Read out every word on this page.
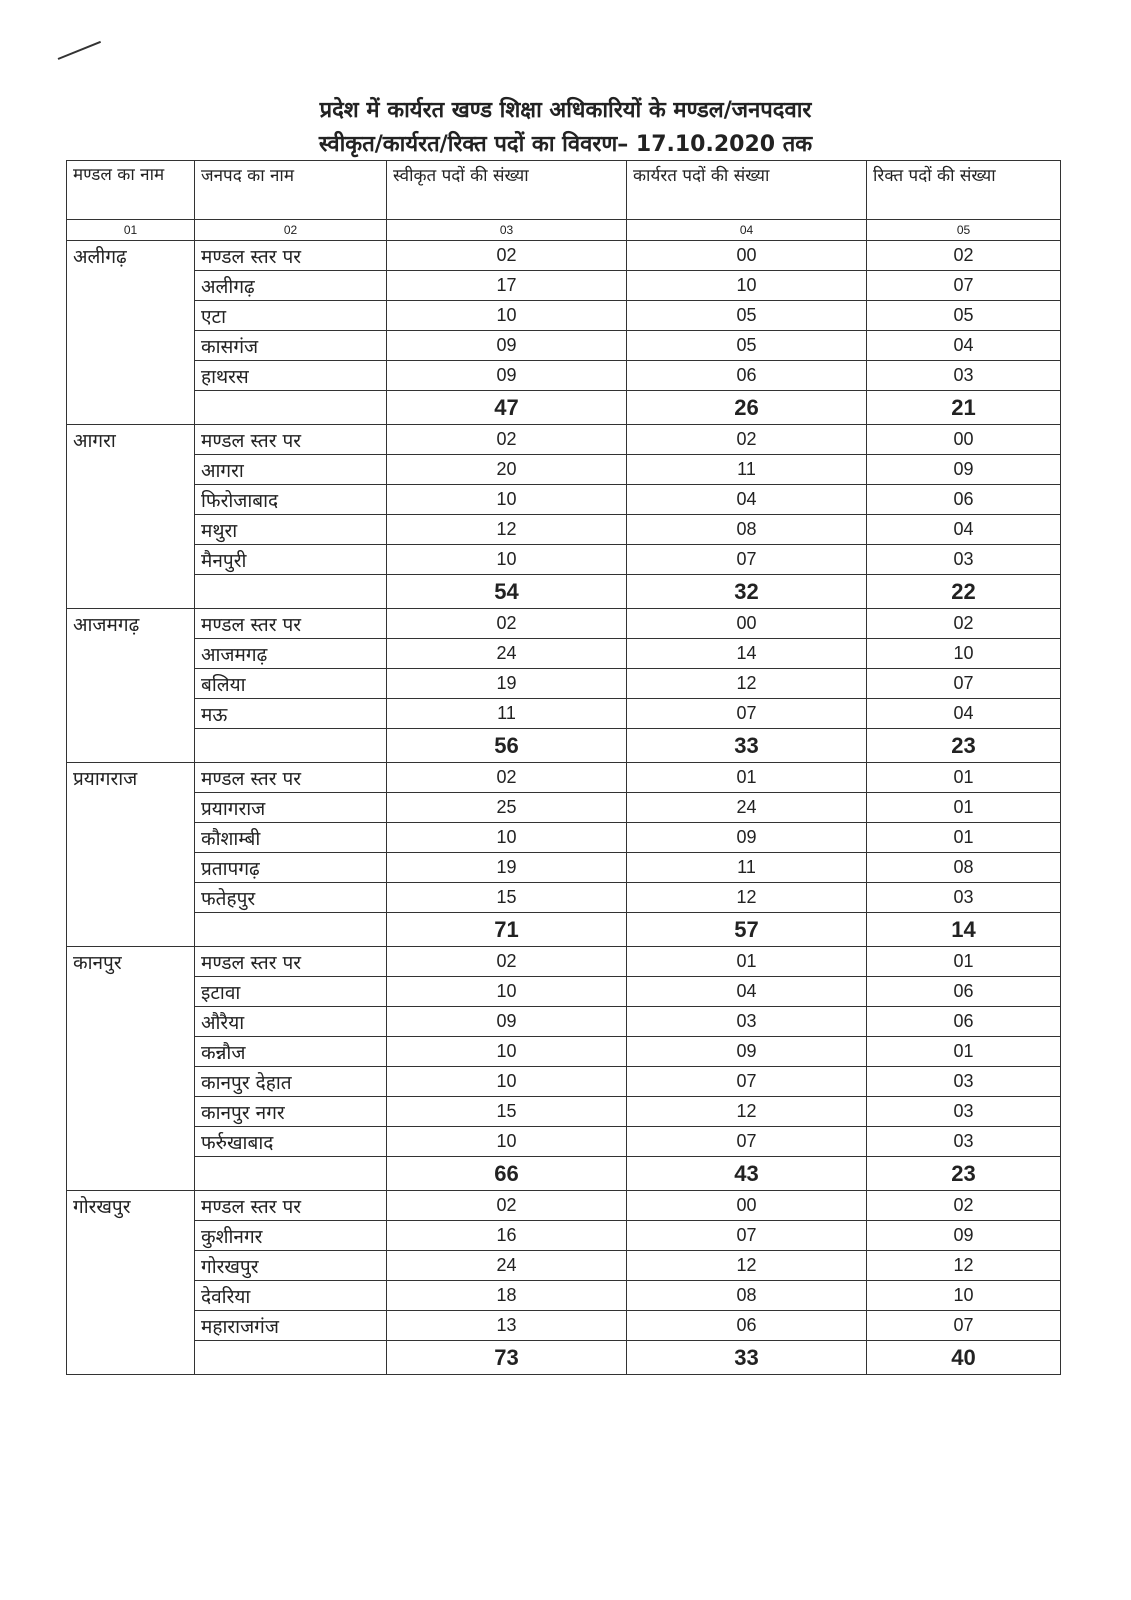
प्रदेश में कार्यरत खण्ड शिक्षा अधिकारियों के मण्डल/जनपदवार
स्वीकृत/कार्यरत/रिक्त पदों का विवरण– 17.10.2020 तक
मण्डल का नाम	जनपद का नाम	स्वीकृत पदों की संख्या	कार्यरत पदों की संख्या	रिक्त पदों की संख्या
01	02	03	04	05
अलीगढ़	मण्डल स्तर पर	02	00	02
	अलीगढ़	17	10	07
	एटा	10	05	05
	कासगंज	09	05	04
	हाथरस	09	06	03
		47	26	21
आगरा	मण्डल स्तर पर	02	02	00
	आगरा	20	11	09
	फिरोजाबाद	10	04	06
	मथुरा	12	08	04
	मैनपुरी	10	07	03
		54	32	22
आजमगढ़	मण्डल स्तर पर	02	00	02
	आजमगढ़	24	14	10
	बलिया	19	12	07
	मऊ	11	07	04
		56	33	23
प्रयागराज	मण्डल स्तर पर	02	01	01
	प्रयागराज	25	24	01
	कौशाम्बी	10	09	01
	प्रतापगढ़	19	11	08
	फतेहपुर	15	12	03
		71	57	14
कानपुर	मण्डल स्तर पर	02	01	01
	इटावा	10	04	06
	औरैया	09	03	06
	कन्नौज	10	09	01
	कानपुर देहात	10	07	03
	कानपुर नगर	15	12	03
	फर्रुखाबाद	10	07	03
		66	43	23
गोरखपुर	मण्डल स्तर पर	02	00	02
	कुशीनगर	16	07	09
	गोरखपुर	24	12	12
	देवरिया	18	08	10
	महाराजगंज	13	06	07
		73	33	40
